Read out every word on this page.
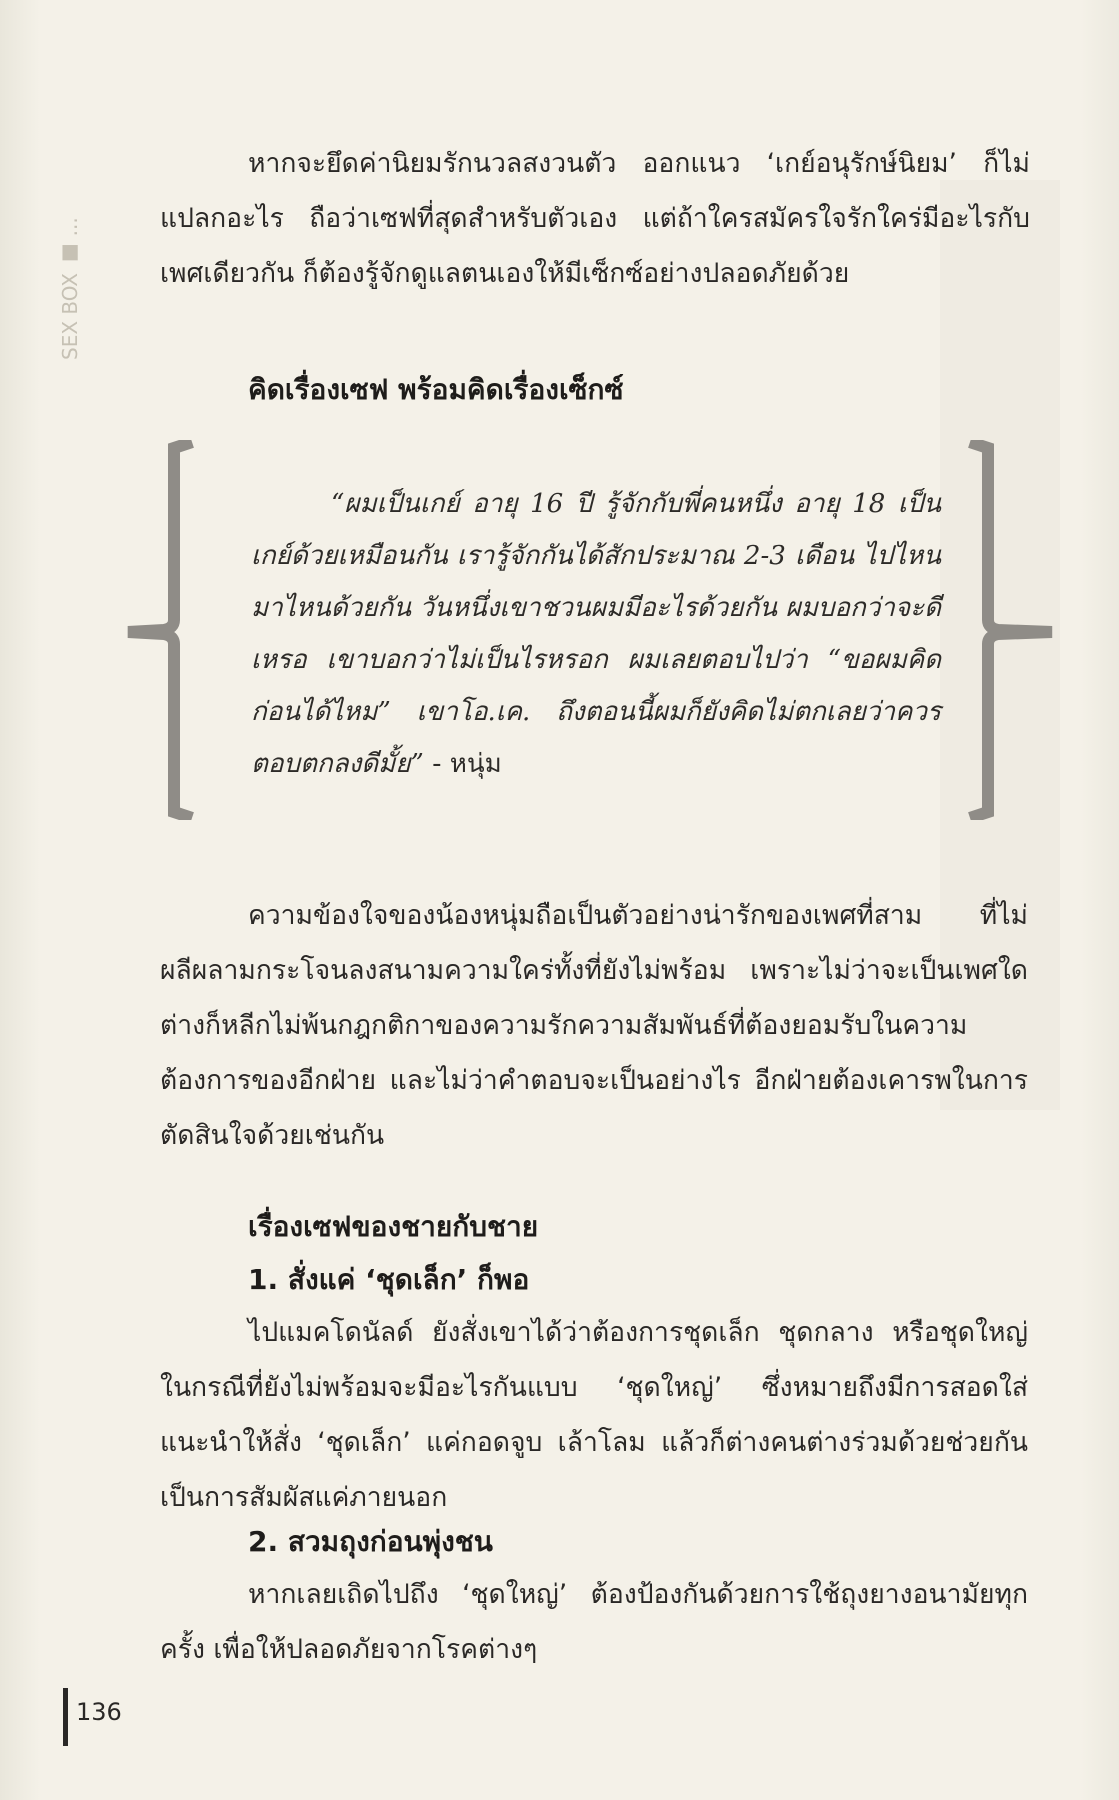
SEX BOX ■ ...

หากจะยึดค่านิยมรักนวลสงวนตัว ออกแนว ‘เกย์อนุรักษ์นิยม’ ก็ไม่แปลกอะไร ถือว่าเซฟที่สุดสำหรับตัวเอง แต่ถ้าใครสมัครใจรักใคร่มีอะไรกับเพศเดียวกัน ก็ต้องรู้จักดูแลตนเองให้มีเซ็กซ์อย่างปลอดภัยด้วย

คิดเรื่องเซฟ พร้อมคิดเรื่องเซ็กซ์

“ผมเป็นเกย์ อายุ 16 ปี รู้จักกับพี่คนหนึ่ง อายุ 18 เป็นเกย์ด้วยเหมือนกัน เรารู้จักกันได้สักประมาณ 2-3 เดือน ไปไหนมาไหนด้วยกัน วันหนึ่งเขาชวนผมมีอะไรด้วยกัน ผมบอกว่าจะดีเหรอ เขาบอกว่าไม่เป็นไรหรอก ผมเลยตอบไปว่า “ขอผมคิดก่อนได้ไหม” เขาโอ.เค. ถึงตอนนี้ผมก็ยังคิดไม่ตกเลยว่าควรตอบตกลงดีมั้ย” - หนุ่ม

ความข้องใจของน้องหนุ่มถือเป็นตัวอย่างน่ารักของเพศที่สาม ที่ไม่ผลีผลามกระโจนลงสนามความใคร่ทั้งที่ยังไม่พร้อม เพราะไม่ว่าจะเป็นเพศใดต่างก็หลีกไม่พ้นกฎกติกาของความรักความสัมพันธ์ที่ต้องยอมรับในความต้องการของอีกฝ่าย และไม่ว่าคำตอบจะเป็นอย่างไร อีกฝ่ายต้องเคารพในการตัดสินใจด้วยเช่นกัน

เรื่องเซฟของชายกับชาย
1. สั่งแค่ ‘ชุดเล็ก’ ก็พอ

ไปแมคโดนัลด์ ยังสั่งเขาได้ว่าต้องการชุดเล็ก ชุดกลาง หรือชุดใหญ่ ในกรณีที่ยังไม่พร้อมจะมีอะไรกันแบบ ‘ชุดใหญ่’ ซึ่งหมายถึงมีการสอดใส่ แนะนำให้สั่ง ‘ชุดเล็ก’ แค่กอดจูบ เล้าโลม แล้วก็ต่างคนต่างร่วมด้วยช่วยกันเป็นการสัมผัสแค่ภายนอก

2. สวมถุงก่อนพุ่งชน

หากเลยเถิดไปถึง ‘ชุดใหญ่’ ต้องป้องกันด้วยการใช้ถุงยางอนามัยทุกครั้ง เพื่อให้ปลอดภัยจากโรคต่างๆ

136
